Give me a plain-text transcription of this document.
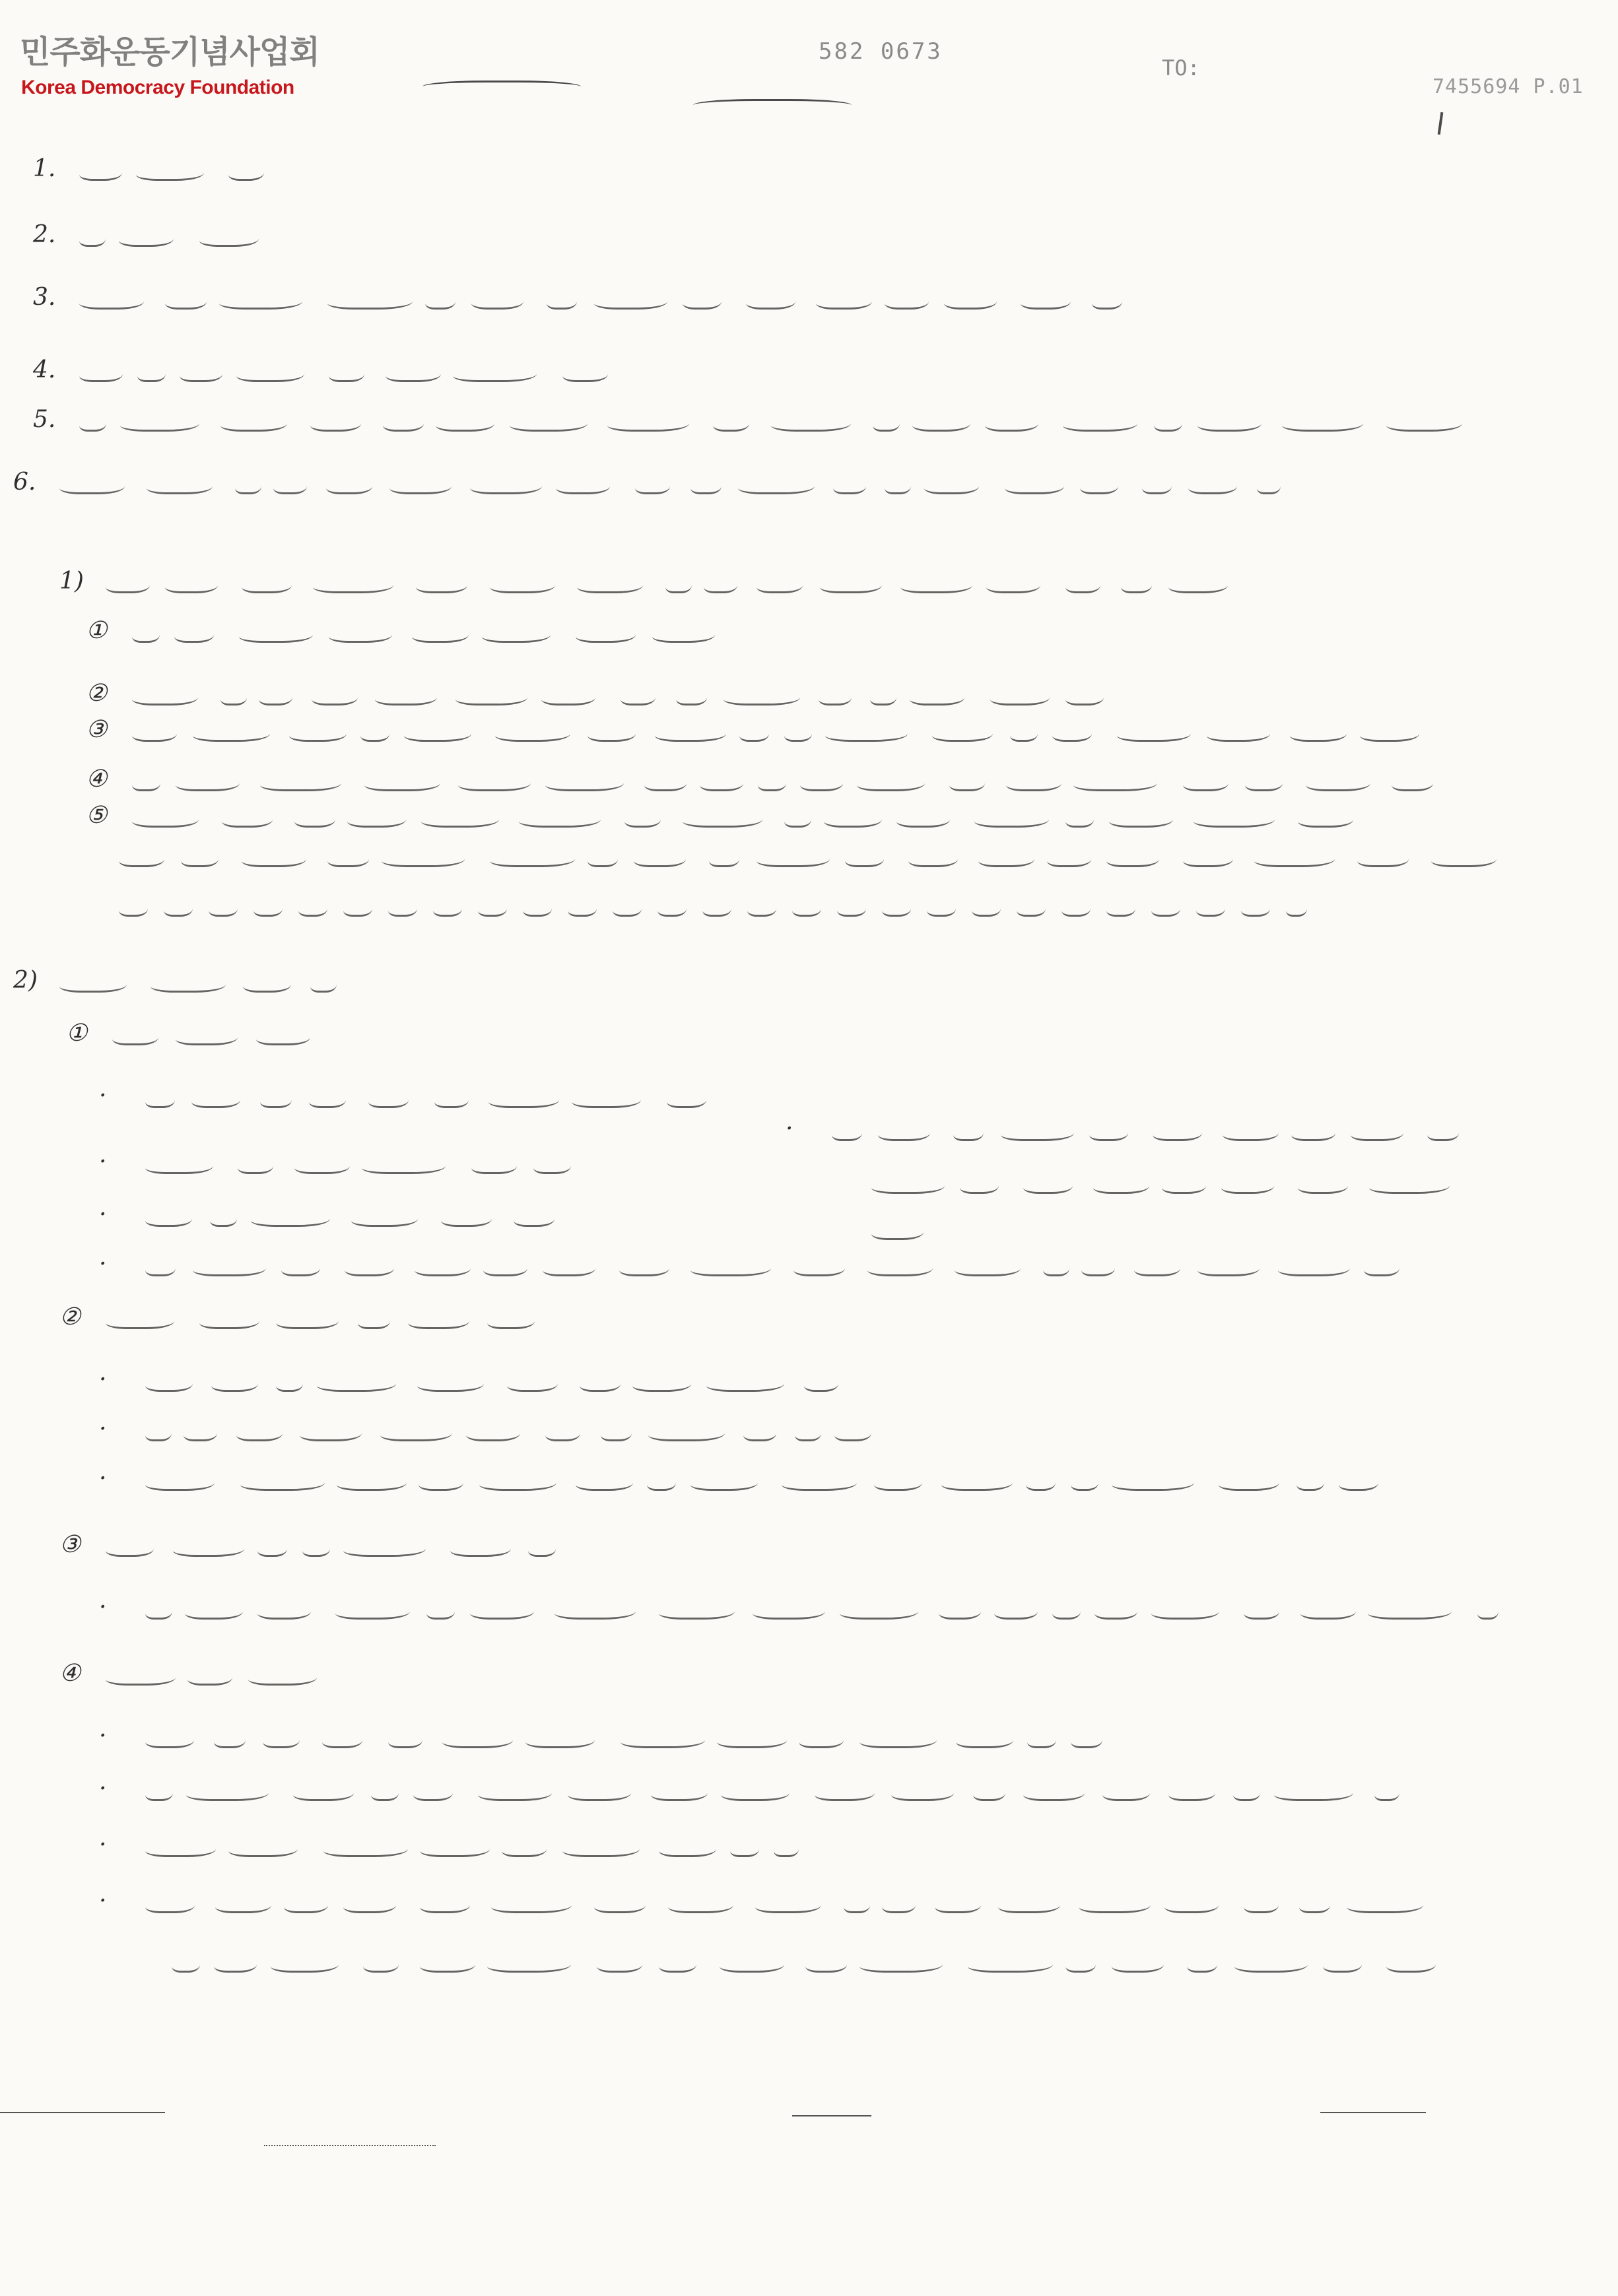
민주화운동기념사업회
Korea Democracy Foundation
582 0673
TO:
7455694 P.01
1.
2.
3.
4.
5.
6.
1)
①
②
③
④
⑤
2)
①
·
·
·
·
②
·
·
·
③
·
④
·
·
·
·
·
